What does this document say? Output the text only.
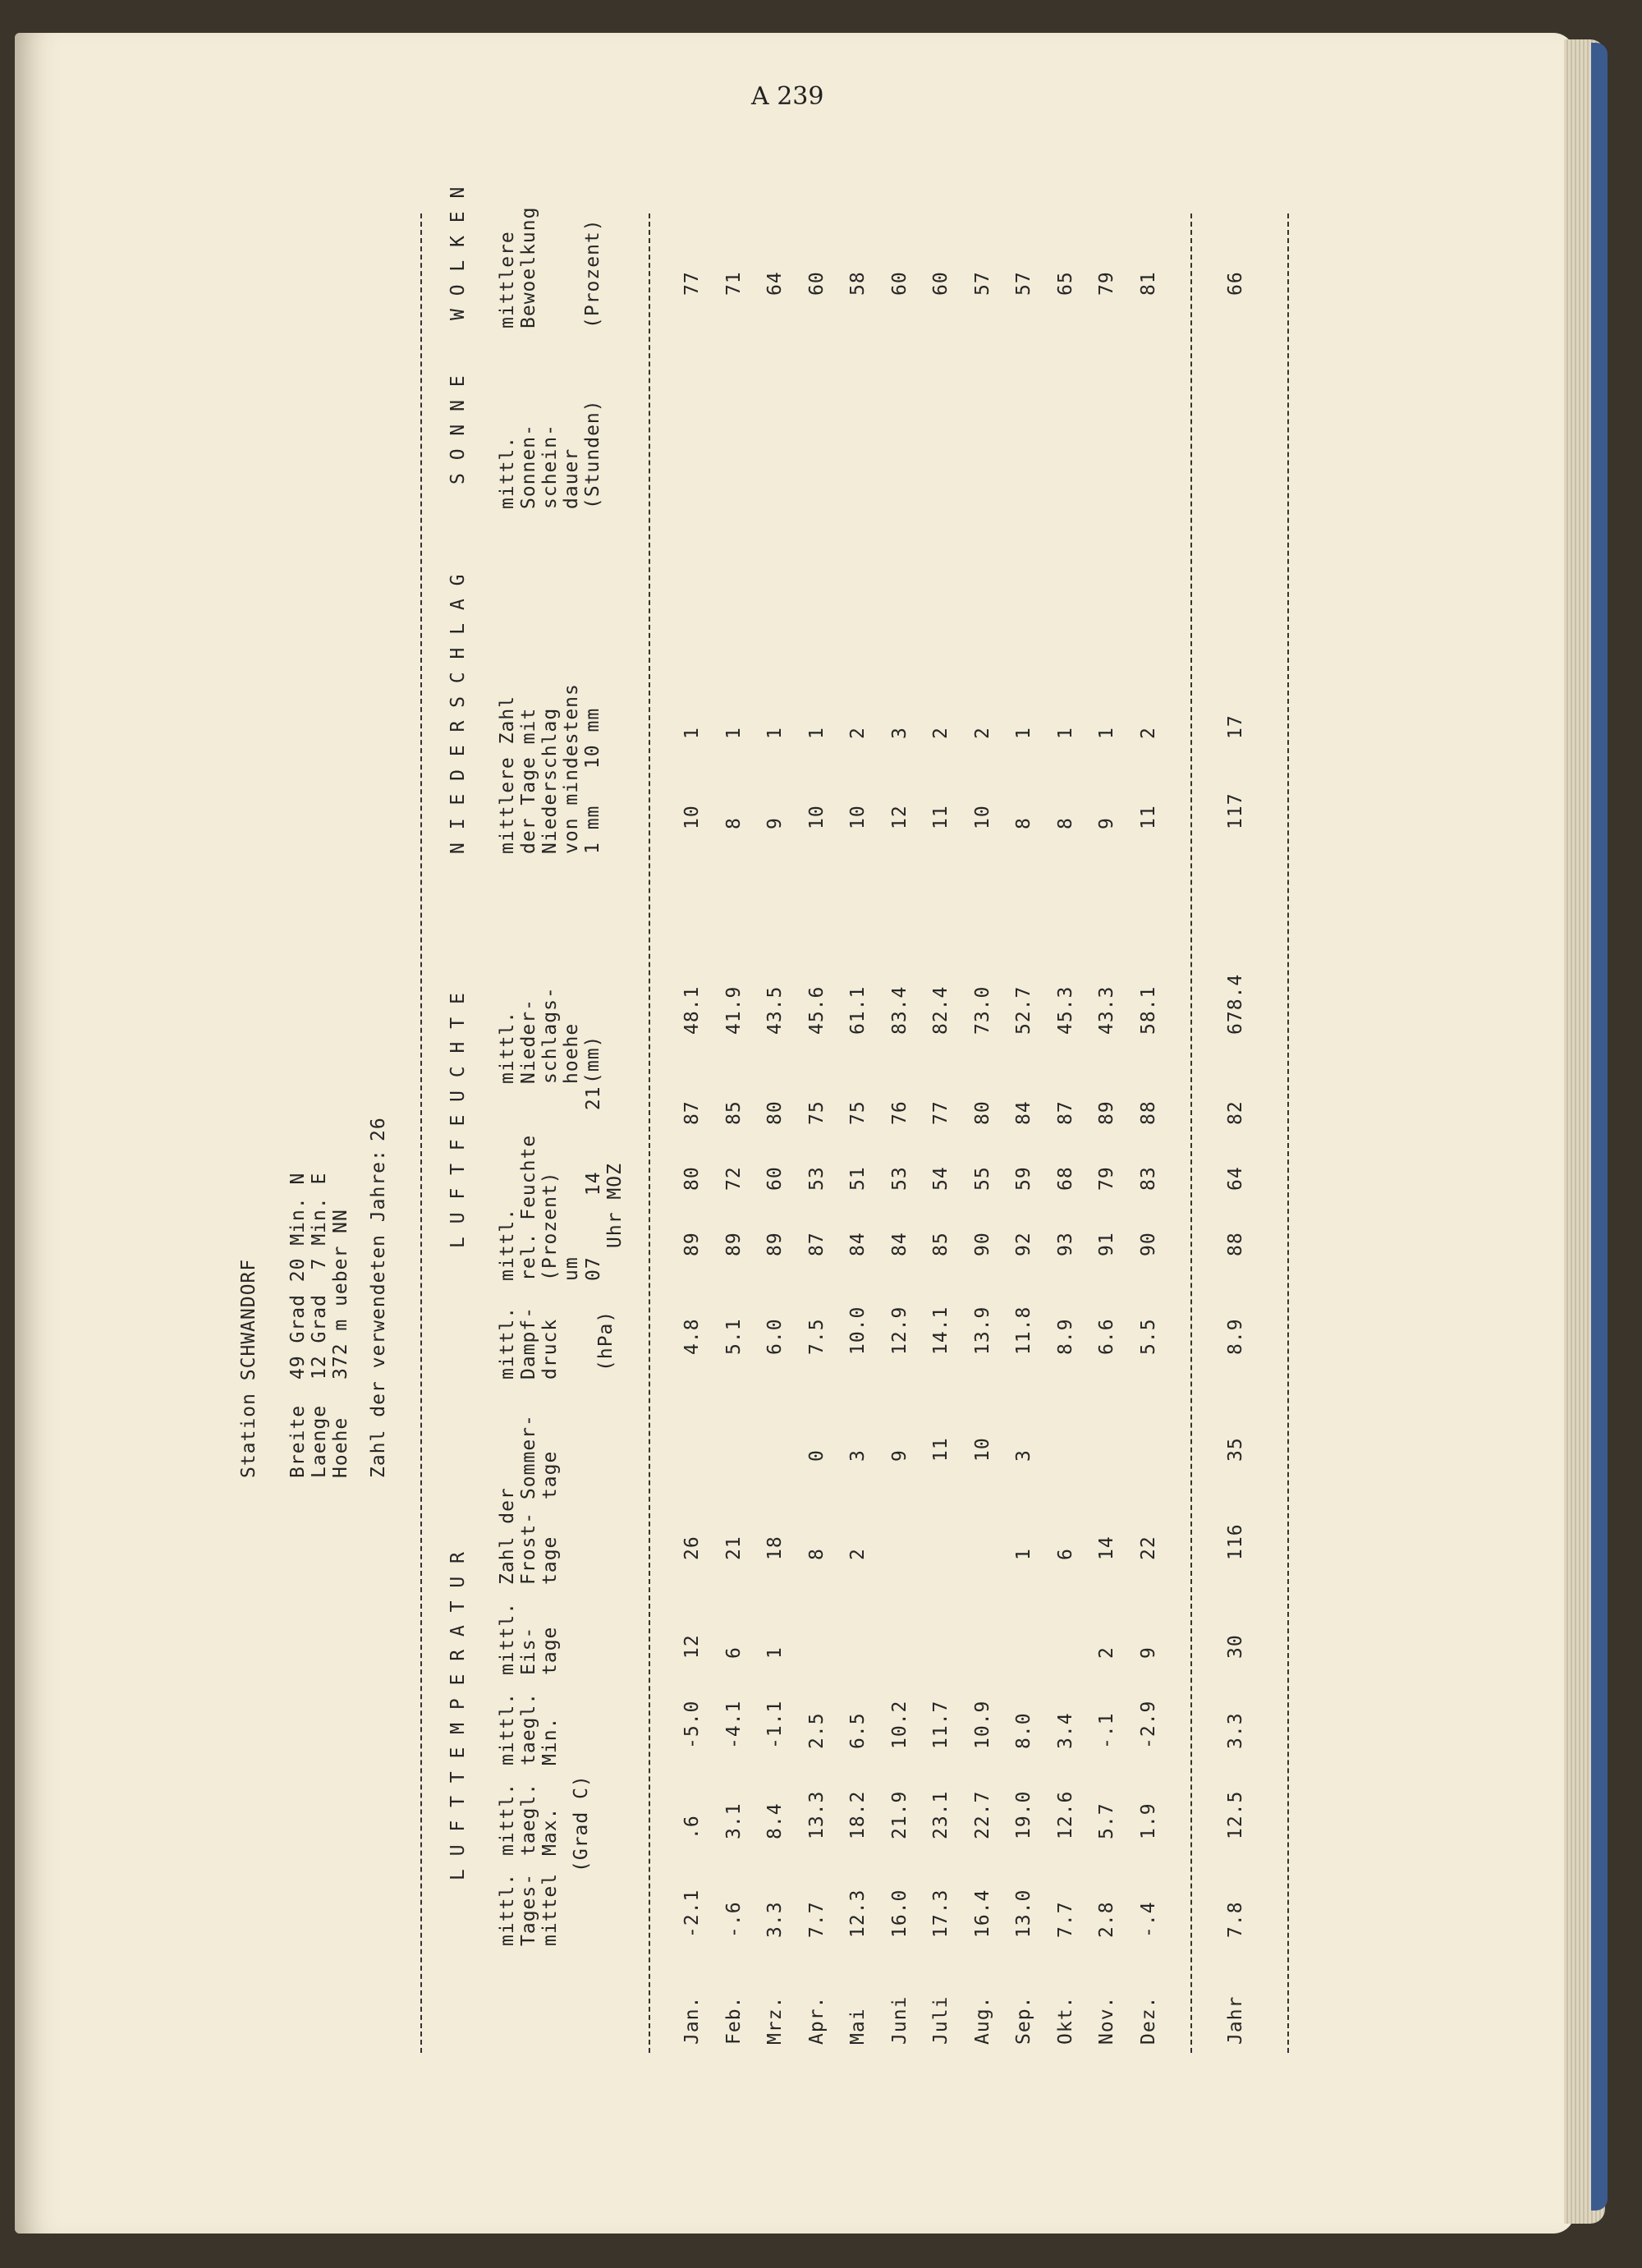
A 239
Station SCHWANDORF Breite
49 Grad 20 Min. N
Laenge
12 Grad  7 Min. E
Hoehe
372 m ueber NN Zahl der verwendeten Jahre:
26
L U F T T E M P E R A T U R
L U F T F E U C H T E
N I E D E R S C H L A G
S O N N E
W O L K E N
mittl.
Tages-
mittel
mittl.
taegl.
Max.
mittl.
taegl.
Min.
(Grad C)
mittl.
Eis-
tage
Zahl der
Frost- Sommer-
tage   tage
mittl.
Dampf-
druck (hPa)
mittl.
rel. Feuchte
(Prozent)
um 07     14     21 Uhr MOZ
mittl.
Nieder-
schlags-
hoehe
(mm)
mittlere Zahl
der Tage mit
Niederschlag
von mindestens
1 mm   10 mm
mittl.
Sonnen-
schein-
dauer
(Stunden)
mittlere
Bewoelkung

(Prozent)
Jan.
-2.1
.6
-5.0
12
26
4.8
89
80
87
48.1
10
1
77
Feb.
-.6
3.1
-4.1
6
21
5.1
89
72
85
41.9
8
1
71
Mrz.
3.3
8.4
-1.1
1
18
6.0
89
60
80
43.5
9
1
64
Apr.
7.7
13.3
2.5
8
0
7.5
87
53
75
45.6
10
1
60
Mai
12.3
18.2
6.5
2
3
10.0
84
51
75
61.1
10
2
58
Juni
16.0
21.9
10.2
9
12.9
84
53
76
83.4
12
3
60
Juli
17.3
23.1
11.7
11
14.1
85
54
77
82.4
11
2
60
Aug.
16.4
22.7
10.9
10
13.9
90
55
80
73.0
10
2
57
Sep.
13.0
19.0
8.0
1
3
11.8
92
59
84
52.7
8
1
57
Okt.
7.7
12.6
3.4
6
8.9
93
68
87
45.3
8
1
65
Nov.
2.8
5.7
-.1
2
14
6.6
91
79
89
43.3
9
1
79
Dez.
-.4
1.9
-2.9
9
22
5.5
90
83
88
58.1
11
2
81
Jahr
7.8
12.5
3.3
30
116
35
8.9
88
64
82
678.4
117
17
66
